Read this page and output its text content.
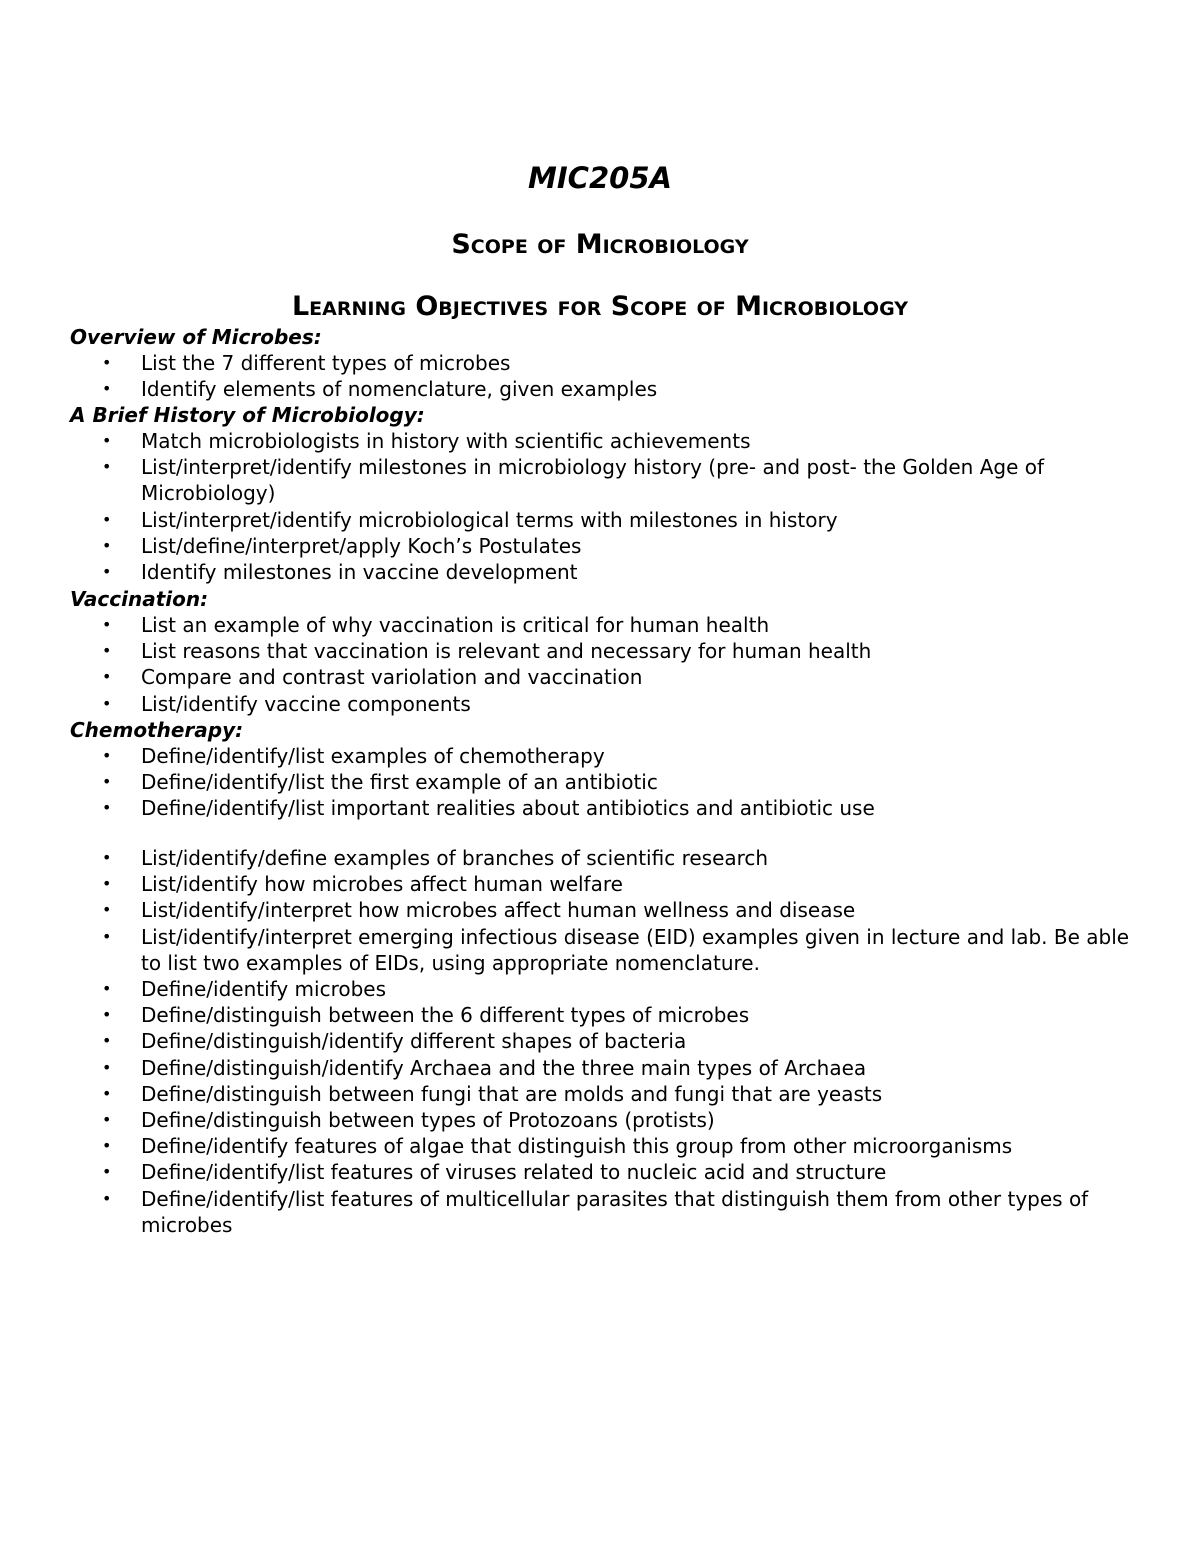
MIC205A
Scope of Microbiology
Learning Objectives for Scope of Microbiology
Overview of Microbes:
• List the 7 different types of microbes
• Identify elements of nomenclature, given examples
A Brief History of Microbiology:
• Match microbiologists in history with scientific achievements
• List/interpret/identify milestones in microbiology history (pre- and post- the Golden Age of Microbiology)
• List/interpret/identify microbiological terms with milestones in history
• List/define/interpret/apply Koch’s Postulates
• Identify milestones in vaccine development
Vaccination:
• List an example of why vaccination is critical for human health
• List reasons that vaccination is relevant and necessary for human health
• Compare and contrast variolation and vaccination
• List/identify vaccine components
Chemotherapy:
• Define/identify/list examples of chemotherapy
• Define/identify/list the first example of an antibiotic
• Define/identify/list important realities about antibiotics and antibiotic use
• List/identify/define examples of branches of scientific research
• List/identify how microbes affect human welfare
• List/identify/interpret how microbes affect human wellness and disease
• List/identify/interpret emerging infectious disease (EID) examples given in lecture and lab. Be able to list two examples of EIDs, using appropriate nomenclature.
• Define/identify microbes
• Define/distinguish between the 6 different types of microbes
• Define/distinguish/identify different shapes of bacteria
• Define/distinguish/identify Archaea and the three main types of Archaea
• Define/distinguish between fungi that are molds and fungi that are yeasts
• Define/distinguish between types of Protozoans (protists)
• Define/identify features of algae that distinguish this group from other microorganisms
• Define/identify/list features of viruses related to nucleic acid and structure
• Define/identify/list features of multicellular parasites that distinguish them from other types of microbes
